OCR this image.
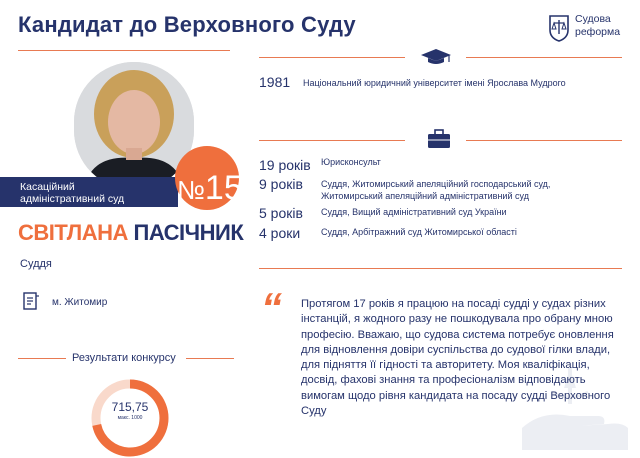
Кандидат до Верховного Суду	Судова
реформа
Касаційний
адміністративний суд	№15
СВІТЛАНА ПАСІЧНИК
Суддя
м. Житомир
Результати конкурсу
715,75
макс. 1000
1981 Національний юридичний університет імені Ярослава Мудрого
19 років Юрисконсульт
9 років Суддя, Житомирський апеляційний господарський суд,
Житомирський апеляційний адміністративний суд
5 років Суддя, Вищий адміністративний суд України
4 роки Суддя, Арбітражний суд Житомирської області
“ Протягом 17 років я працюю на посаді судді у судах різних інстанцій, я жодного разу не пошкодувала про обрану мною професію. Вважаю, що судова система потребує оновлення для відновлення довіри суспільства до судової гілки влади, для підняття її гідності та авторитету. Моя кваліфікація, досвід, фахові знання та професіоналізм відповідають вимогам щодо рівня кандидата на посаду судді Верховного Суду
